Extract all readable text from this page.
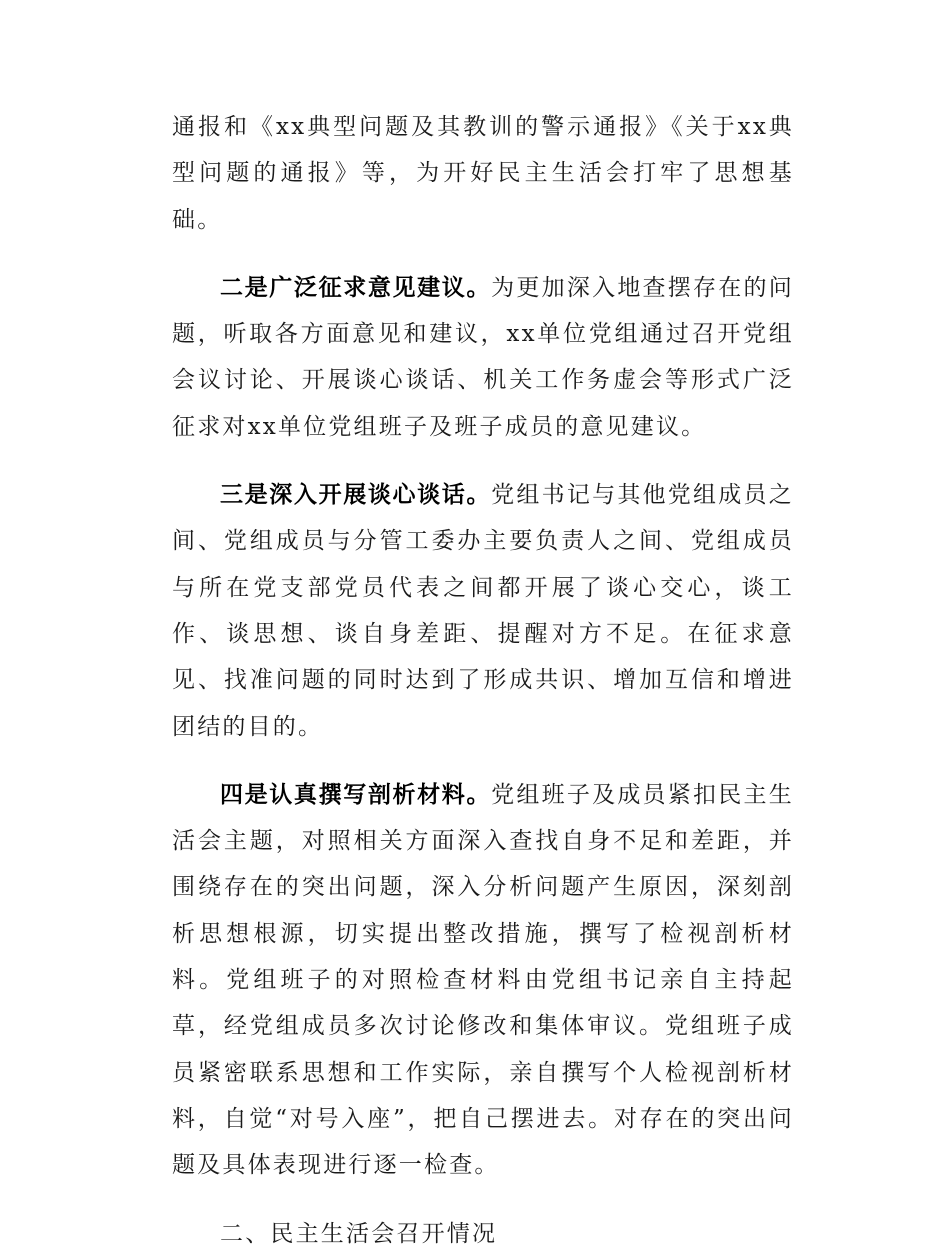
通报和《xx典型问题及其教训的警示通报》《关于xx典型问题的通报》等，为开好民主生活会打牢了思想基础。

二是广泛征求意见建议。为更加深入地查摆存在的问题，听取各方面意见和建议，xx单位党组通过召开党组会议讨论、开展谈心谈话、机关工作务虚会等形式广泛征求对xx单位党组班子及班子成员的意见建议。

三是深入开展谈心谈话。党组书记与其他党组成员之间、党组成员与分管工委办主要负责人之间、党组成员与所在党支部党员代表之间都开展了谈心交心，谈工作、谈思想、谈自身差距、提醒对方不足。在征求意见、找准问题的同时达到了形成共识、增加互信和增进团结的目的。

四是认真撰写剖析材料。党组班子及成员紧扣民主生活会主题，对照相关方面深入查找自身不足和差距，并围绕存在的突出问题，深入分析问题产生原因，深刻剖析思想根源，切实提出整改措施，撰写了检视剖析材料。党组班子的对照检查材料由党组书记亲自主持起草，经党组成员多次讨论修改和集体审议。党组班子成员紧密联系思想和工作实际，亲自撰写个人检视剖析材料，自觉“对号入座”，把自己摆进去。对存在的突出问题及具体表现进行逐一检查。

二、民主生活会召开情况
